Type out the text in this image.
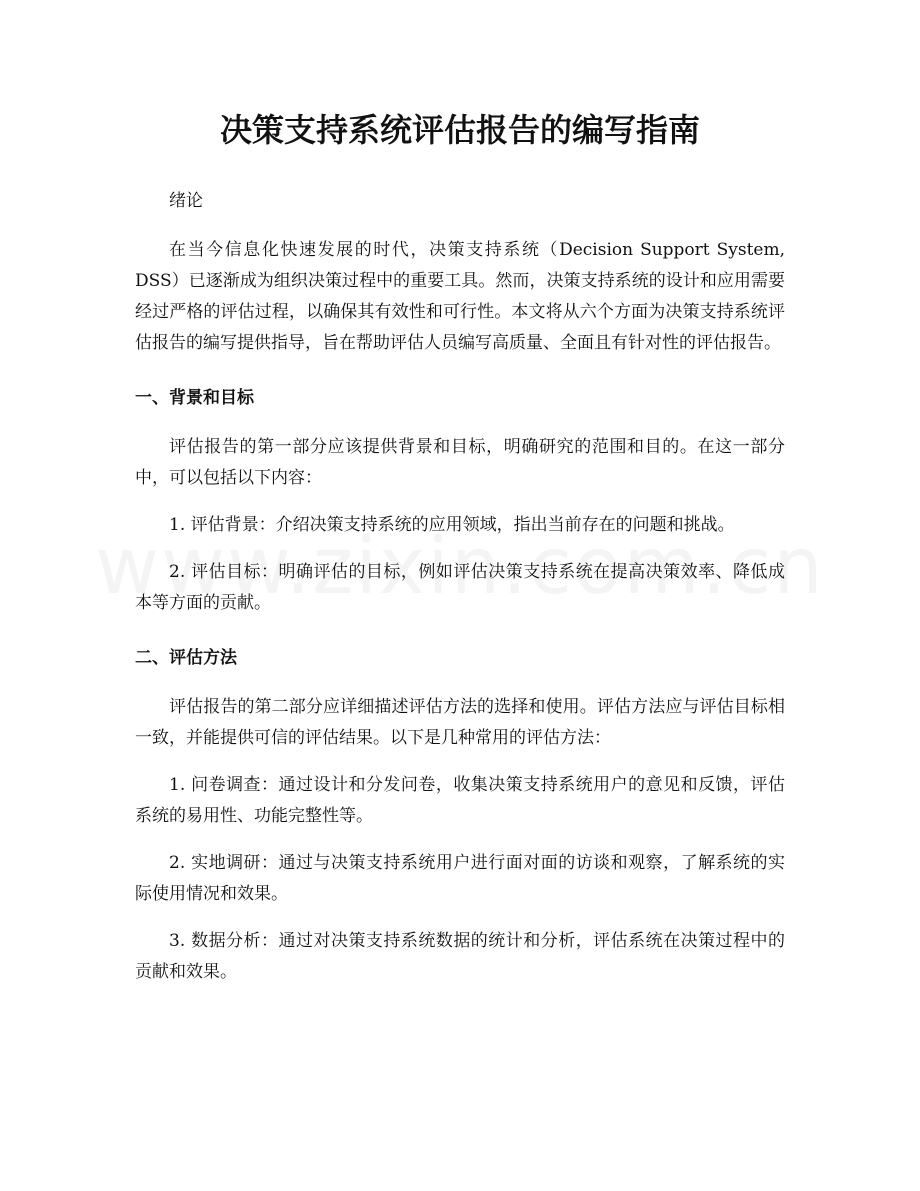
决策支持系统评估报告的编写指南

绪论

在当今信息化快速发展的时代，决策支持系统（Decision Support System, DSS）已逐渐成为组织决策过程中的重要工具。然而，决策支持系统的设计和应用需要经过严格的评估过程，以确保其有效性和可行性。本文将从六个方面为决策支持系统评估报告的编写提供指导，旨在帮助评估人员编写高质量、全面且有针对性的评估报告。

一、背景和目标

评估报告的第一部分应该提供背景和目标，明确研究的范围和目的。在这一部分中，可以包括以下内容：

1. 评估背景：介绍决策支持系统的应用领域，指出当前存在的问题和挑战。

2. 评估目标：明确评估的目标，例如评估决策支持系统在提高决策效率、降低成本等方面的贡献。

二、评估方法

评估报告的第二部分应详细描述评估方法的选择和使用。评估方法应与评估目标相一致，并能提供可信的评估结果。以下是几种常用的评估方法：

1. 问卷调查：通过设计和分发问卷，收集决策支持系统用户的意见和反馈，评估系统的易用性、功能完整性等。

2. 实地调研：通过与决策支持系统用户进行面对面的访谈和观察，了解系统的实际使用情况和效果。

3. 数据分析：通过对决策支持系统数据的统计和分析，评估系统在决策过程中的贡献和效果。
